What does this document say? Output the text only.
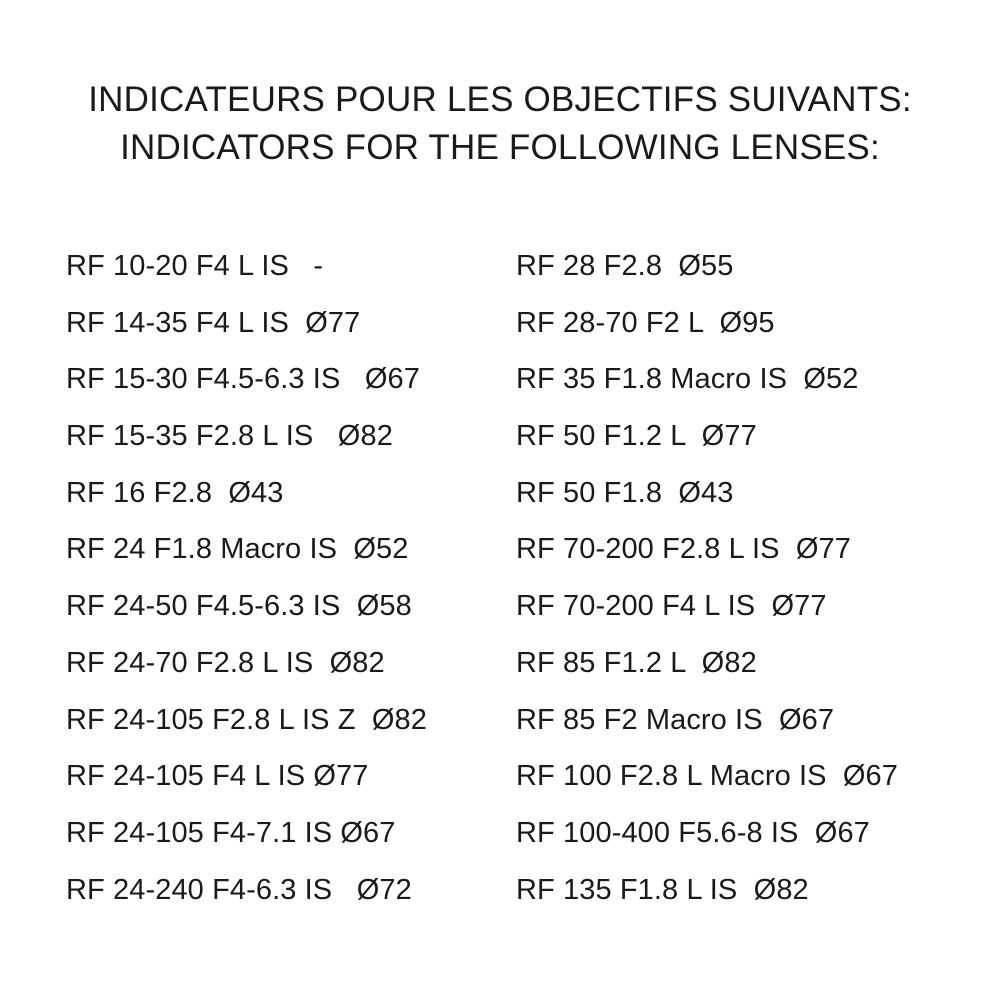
INDICATEURS POUR LES OBJECTIFS SUIVANTS:
INDICATORS FOR THE FOLLOWING LENSES:
RF 10-20 F4 L IS   -
RF 14-35 F4 L IS  Ø77
RF 15-30 F4.5-6.3 IS   Ø67
RF 15-35 F2.8 L IS   Ø82
RF 16 F2.8  Ø43
RF 24 F1.8 Macro IS  Ø52
RF 24-50 F4.5-6.3 IS  Ø58
RF 24-70 F2.8 L IS  Ø82
RF 24-105 F2.8 L IS Z  Ø82
RF 24-105 F4 L IS Ø77
RF 24-105 F4-7.1 IS Ø67
RF 24-240 F4-6.3 IS   Ø72
RF 28 F2.8  Ø55
RF 28-70 F2 L  Ø95
RF 35 F1.8 Macro IS  Ø52
RF 50 F1.2 L  Ø77
RF 50 F1.8  Ø43
RF 70-200 F2.8 L IS  Ø77
RF 70-200 F4 L IS  Ø77
RF 85 F1.2 L  Ø82
RF 85 F2 Macro IS  Ø67
RF 100 F2.8 L Macro IS  Ø67
RF 100-400 F5.6-8 IS  Ø67
RF 135 F1.8 L IS  Ø82
